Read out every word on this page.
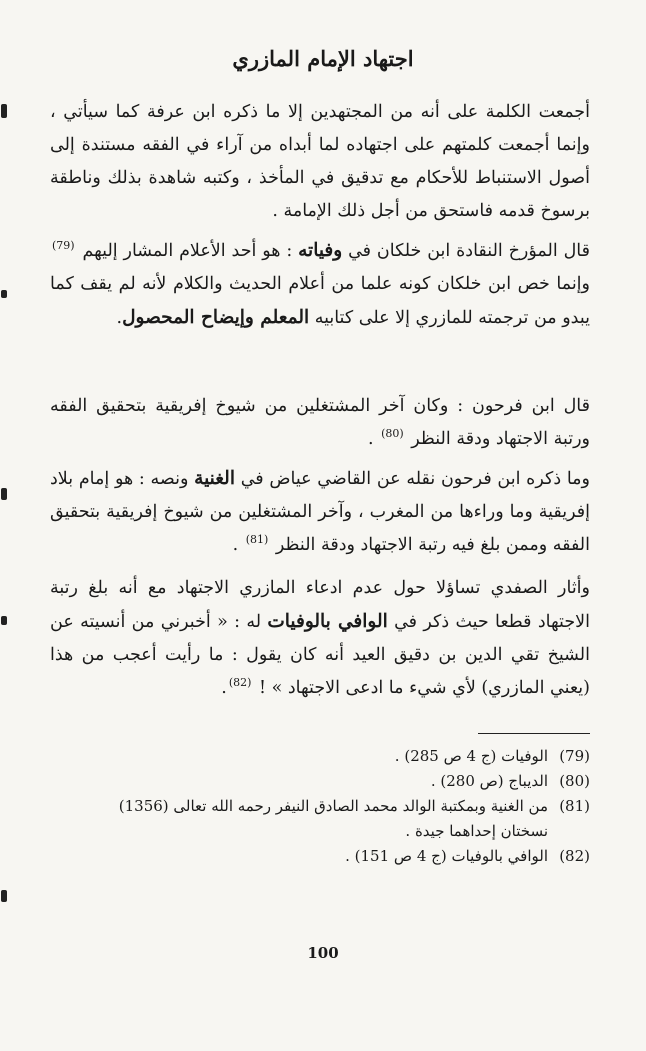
اجتهاد الإمام المازري

أجمعت الكلمة على أنه من المجتهدين إلا ما ذكره ابن عرفة كما سيأتي ، وإنما أجمعت كلمتهم على اجتهاده لما أبداه من آراء في الفقه مستندة إلى أصول الاستنباط للأحكام مع تدقيق في المأخذ ، وكتبه شاهدة بذلك وناطقة برسوخ قدمه فاستحق من أجل ذلك الإمامة .

قال المؤرخ النقادة ابن خلكان في وفياته : هو أحد الأعلام المشار إليهم $^{(79)}$ وإنما خص ابن خلكان كونه علما من أعلام الحديث والكلام لأنه لم يقف كما يبدو من ترجمته للمازري إلا على كتابيه المعلم وإيضاح المحصول.

قال ابن فرحون : وكان آخر المشتغلين من شيوخ إفريقية بتحقيق الفقه ورتبة الاجتهاد ودقة النظر $^{(80)}$ .

وما ذكره ابن فرحون نقله عن القاضي عياض في الغنية ونصه : هو إمام بلاد إفريقية وما وراءها من المغرب ، وآخر المشتغلين من شيوخ إفريقية بتحقيق الفقه وممن بلغ فيه رتبة الاجتهاد ودقة النظر $^{(81)}$ .

وأثار الصفدي تساؤلا حول عدم ادعاء المازري الاجتهاد مع أنه بلغ رتبة الاجتهاد قطعا حيث ذكر في الوافي بالوفيات له : « أخبرني من أنسيته عن الشيخ تقي الدين بن دقيق العيد أنه كان يقول : ما رأيت أعجب من هذا (يعني المازري) لأي شيء ما ادعى الاجتهاد » ! $^{(82)}$.

(79)
الوفيات (ج 4 ص 285) .
(80)
الديباج (ص 280) .
(81)
من الغنية وبمكتبة الوالد محمد الصادق النيفر رحمه الله تعالى (1356)
نسختان إحداهما جيدة .
(82)
الوافي بالوفيات (ج 4 ص 151) .
100
